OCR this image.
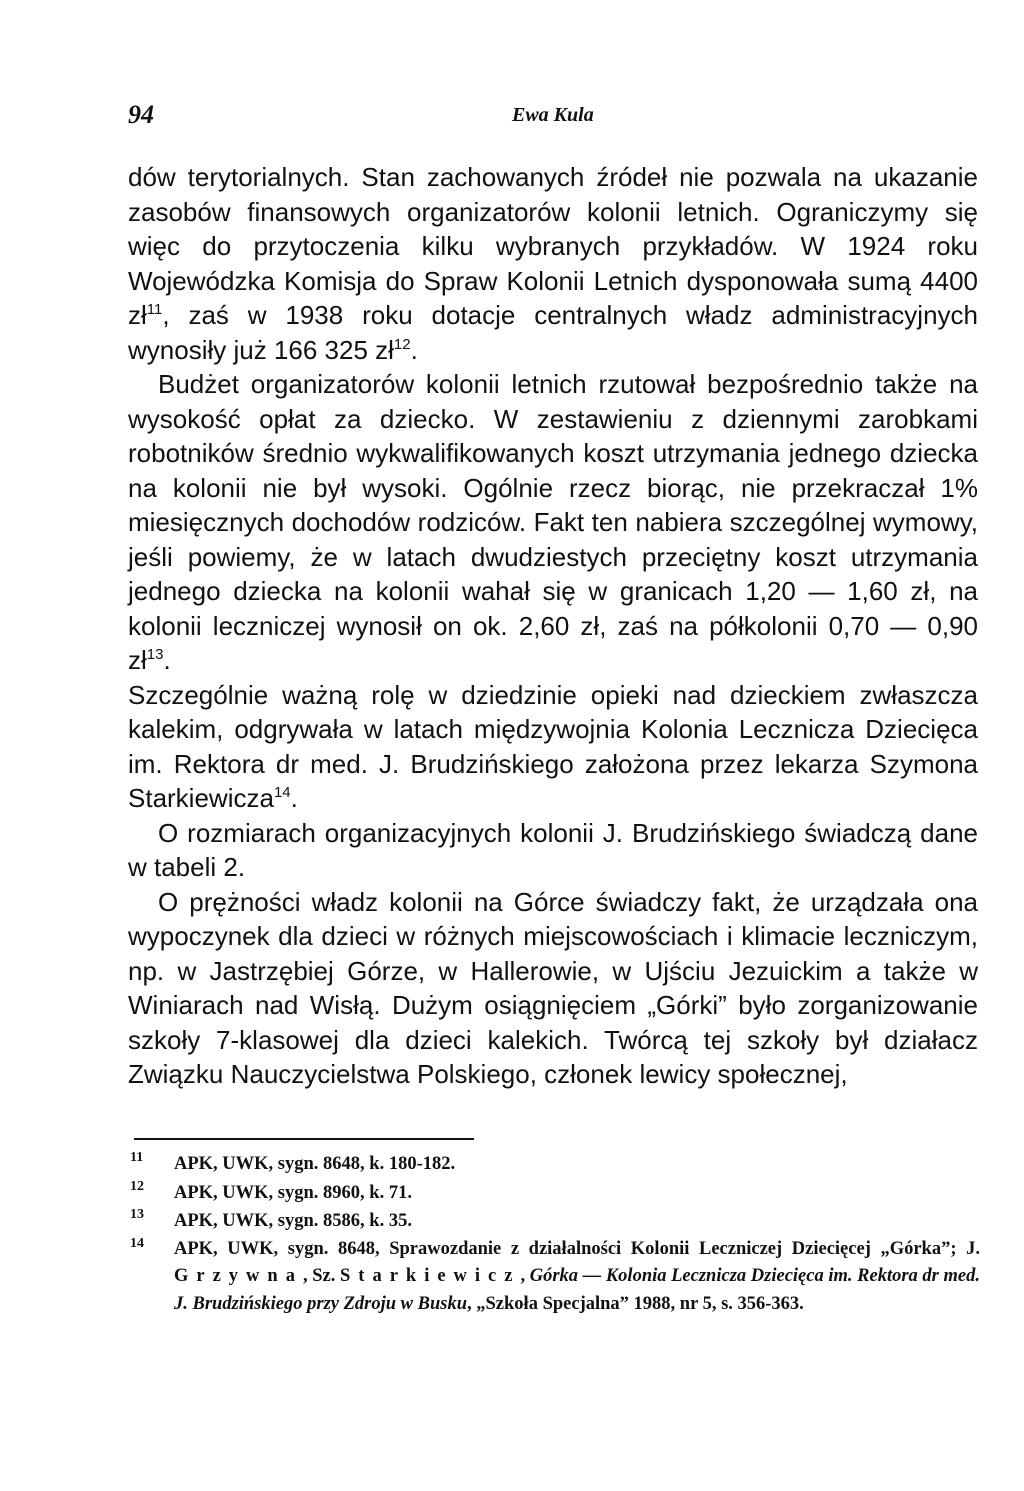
94	Ewa Kula

dów terytorialnych. Stan zachowanych źródeł nie pozwala na ukazanie zasobów finansowych organizatorów kolonii letnich. Ograniczymy się więc do przytoczenia kilku wybranych przykładów. W 1924 roku Wojewódzka Komisja do Spraw Kolonii Letnich dysponowała sumą 4400 $zł^{11}$, zaś w 1938 roku dotacje centralnych władz administracyjnych wynosiły już 166 325 $zł^{12}$.

Budżet organizatorów kolonii letnich rzutował bezpośrednio także na wysokość opłat za dziecko. W zestawieniu z dziennymi zarobkami robotników średnio wykwalifikowanych koszt utrzymania jednego dziecka na kolonii nie był wysoki. Ogólnie rzecz biorąc, nie przekraczał 1% miesięcznych dochodów rodziców. Fakt ten nabiera szczególnej wymowy, jeśli powiemy, że w latach dwudziestych przeciętny koszt utrzymania jednego dziecka na kolonii wahał się w granicach 1,20 — 1,60 zł, na kolonii leczniczej wynosił on ok. 2,60 zł, zaś na półkolonii 0,70 — 0,90 $zł^{13}$.

Szczególnie ważną rolę w dziedzinie opieki nad dzieckiem zwłaszcza kalekim, odgrywała w latach międzywojnia Kolonia Lecznicza Dziecięca im. Rektora dr med. J. Brudzińskiego założona przez lekarza Szymona Starkiewicza$^{14}$.

O rozmiarach organizacyjnych kolonii J. Brudzińskiego świadczą dane w tabeli 2.

O prężności władz kolonii na Górce świadczy fakt, że urządzała ona wypoczynek dla dzieci w różnych miejscowościach i klimacie leczniczym, np. w Jastrzębiej Górze, w Hallerowie, w Ujściu Jezuickim a także w Winiarach nad Wisłą. Dużym osiągnięciem „Górki” było zorganizowanie szkoły 7-klasowej dla dzieci kalekich. Twórcą tej szkoły był działacz Związku Nauczycielstwa Polskiego, członek lewicy społecznej,

11 APK, UWK, sygn. 8648, k. 180-182.

12 APK, UWK, sygn. 8960, k. 71.

13 APK, UWK, sygn. 8586, k. 35.

14 APK, UWK, sygn. 8648, Sprawozdanie z działalności Kolonii Leczniczej Dziecięcej „Górka”; J. Grzywna, Sz. Starkiewicz, Górka — Kolonia Lecznicza Dziecięca im. Rektora dr med. J. Brudzińskiego przy Zdroju w Busku, „Szkoła Specjalna” 1988, nr 5, s. 356-363.
